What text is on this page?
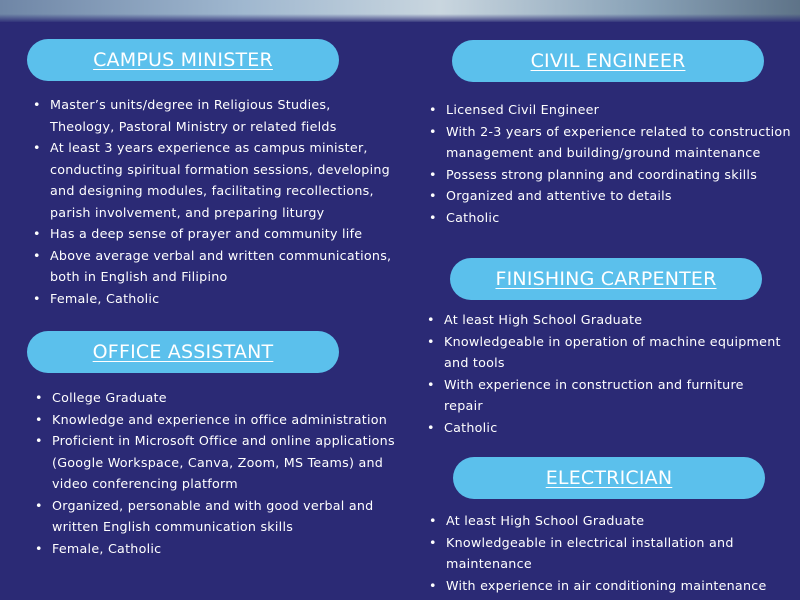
CAMPUS MINISTER
• Master’s units/degree in Religious Studies,
Theology, Pastoral Ministry or related fields
• At least 3 years experience as campus minister,
conducting spiritual formation sessions, developing
and designing modules, facilitating recollections,
parish involvement, and preparing liturgy
• Has a deep sense of prayer and community life
• Above average verbal and written communications,
both in English and Filipino
• Female, Catholic
OFFICE ASSISTANT
• College Graduate
• Knowledge and experience in office administration
• Proficient in Microsoft Office and online applications
(Google Workspace, Canva, Zoom, MS Teams) and
video conferencing platform
• Organized, personable and with good verbal and
written English communication skills
• Female, Catholic
CIVIL ENGINEER
• Licensed Civil Engineer
• With 2-3 years of experience related to construction
management and building/ground maintenance
• Possess strong planning and coordinating skills
• Organized and attentive to details
• Catholic
FINISHING CARPENTER
• At least High School Graduate
• Knowledgeable in operation of machine equipment
and tools
• With experience in construction and furniture
repair
• Catholic
ELECTRICIAN
• At least High School Graduate
• Knowledgeable in electrical installation and
maintenance
• With experience in air conditioning maintenance
